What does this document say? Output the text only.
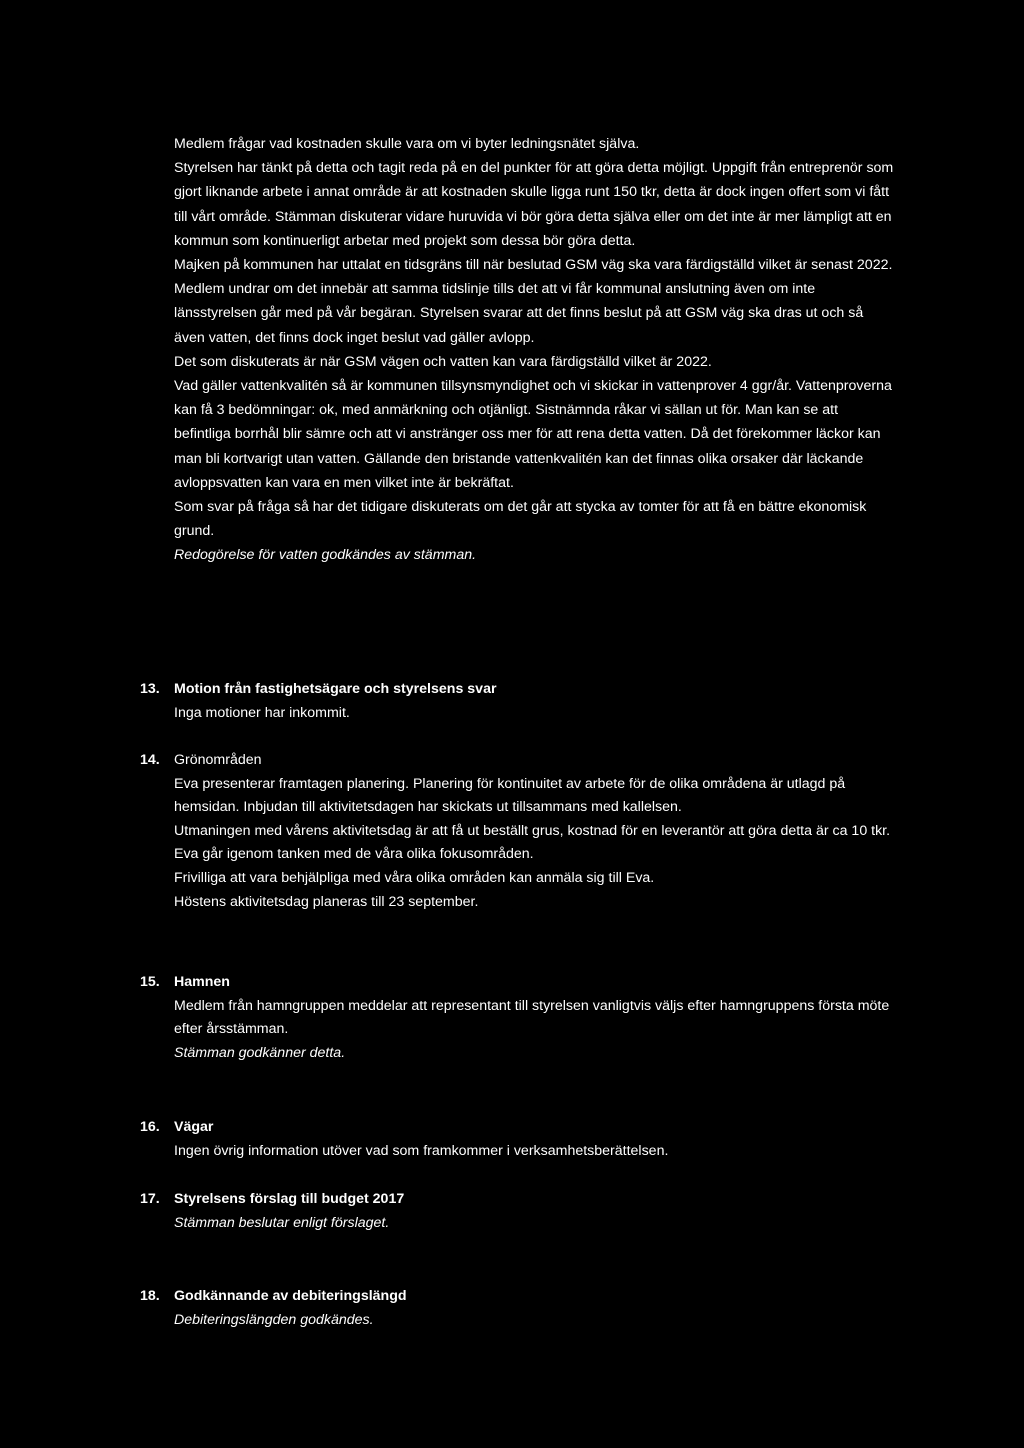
Medlem frågar vad kostnaden skulle vara om vi byter ledningsnätet själva.

Styrelsen har tänkt på detta och tagit reda på en del punkter för att göra detta möjligt. Uppgift från entreprenör som gjort liknande arbete i annat område är att kostnaden skulle ligga runt 150 tkr, detta är dock ingen offert som vi fått till vårt område. Stämman diskuterar vidare huruvida vi bör göra detta själva eller om det inte är mer lämpligt att en kommun som kontinuerligt arbetar med projekt som dessa bör göra detta.

Majken på kommunen har uttalat en tidsgräns till när beslutad GSM väg ska vara färdigställd vilket är senast 2022. Medlem undrar om det innebär att samma tidslinje tills det att vi får kommunal anslutning även om inte länsstyrelsen går med på vår begäran. Styrelsen svarar att det finns beslut på att GSM väg ska dras ut och så även vatten, det finns dock inget beslut vad gäller avlopp.

Det som diskuterats är när GSM vägen och vatten kan vara färdigställd vilket är 2022.

Vad gäller vattenkvalitén så är kommunen tillsynsmyndighet och vi skickar in vattenprover 4 ggr/år. Vattenproverna kan få 3 bedömningar: ok, med anmärkning och otjänligt. Sistnämnda råkar vi sällan ut för. Man kan se att befintliga borrhål blir sämre och att vi anstränger oss mer för att rena detta vatten. Då det förekommer läckor kan man bli kortvarigt utan vatten. Gällande den bristande vattenkvalitén kan det finnas olika orsaker där läckande avloppsvatten kan vara en men vilket inte är bekräftat.

Som svar på fråga så har det tidigare diskuterats om det går att stycka av tomter för att få en bättre ekonomisk grund.

Redogörelse för vatten godkändes av stämman.

13. Motion från fastighetsägare och styrelsens svar

Inga motioner har inkommit.

14. Grönområden

Eva presenterar framtagen planering. Planering för kontinuitet av arbete för de olika områdena är utlagd på hemsidan. Inbjudan till aktivitetsdagen har skickats ut tillsammans med kallelsen.

Utmaningen med vårens aktivitetsdag är att få ut beställt grus, kostnad för en leverantör att göra detta är ca 10 tkr.

Eva går igenom tanken med de våra olika fokusområden.

Frivilliga att vara behjälpliga med våra olika områden kan anmäla sig till Eva.

Höstens aktivitetsdag planeras till 23 september.

15. Hamnen

Medlem från hamngruppen meddelar att representant till styrelsen vanligtvis väljs efter hamngruppens första möte efter årsstämman.

Stämman godkänner detta.

16. Vägar

Ingen övrig information utöver vad som framkommer i verksamhetsberättelsen.

17. Styrelsens förslag till budget 2017

Stämman beslutar enligt förslaget.

18. Godkännande av debiteringslängd

Debiteringslängden godkändes.
